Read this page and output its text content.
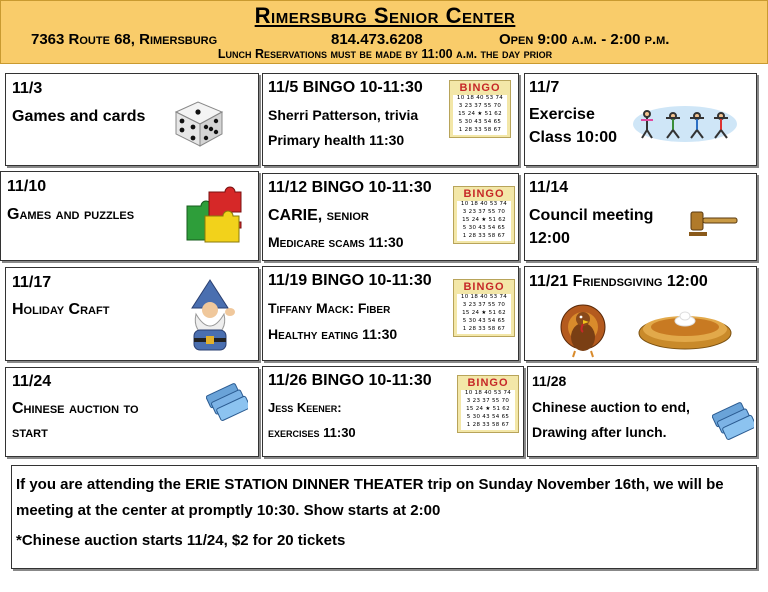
Rimersburg Senior Center
7363 Route 68, Rimersburg	814.473.6208	Open 9:00 a.m. - 2:00 p.m.
Lunch Reservations must be made by 11:00 a.m. the day prior
11/3
Games and cards
11/5 BINGO 10-11:30
Sherri Patterson, trivia
Primary health 11:30
BINGO
10 18 40 53 74
3 23 37 55 70
15 24 ★ 51 62
5 30 43 54 65
1 28 33 58 67
11/7
Exercise
Class 10:00
11/10
Games and puzzles
11/12 BINGO 10-11:30
CARIE, senior
Medicare scams 11:30
BINGO
10 18 40 53 74
3 23 37 55 70
15 24 ★ 51 62
5 30 43 54 65
1 28 33 58 67
11/14
Council meeting
12:00
11/17
Holiday Craft
11/19 BINGO 10-11:30
Tiffany Mack: Fiber
Healthy eating 11:30
BINGO
10 18 40 53 74
3 23 37 55 70
15 24 ★ 51 62
5 30 43 54 65
1 28 33 58 67
11/21 Friendsgiving 12:00
11/24
Chinese auction to
start
11/26 BINGO 10-11:30
Jess Keener:
exercises 11:30
BINGO
10 18 40 53 74
3 23 37 55 70
15 24 ★ 51 62
5 30 43 54 65
1 28 33 58 67
11/28
Chinese auction to end,
Drawing after lunch.
If you are attending the ERIE STATION DINNER THEATER trip on Sunday November 16th, we will be
meeting at the center at promptly 10:30. Show starts at 2:00
*Chinese auction starts 11/24, $2 for 20 tickets
